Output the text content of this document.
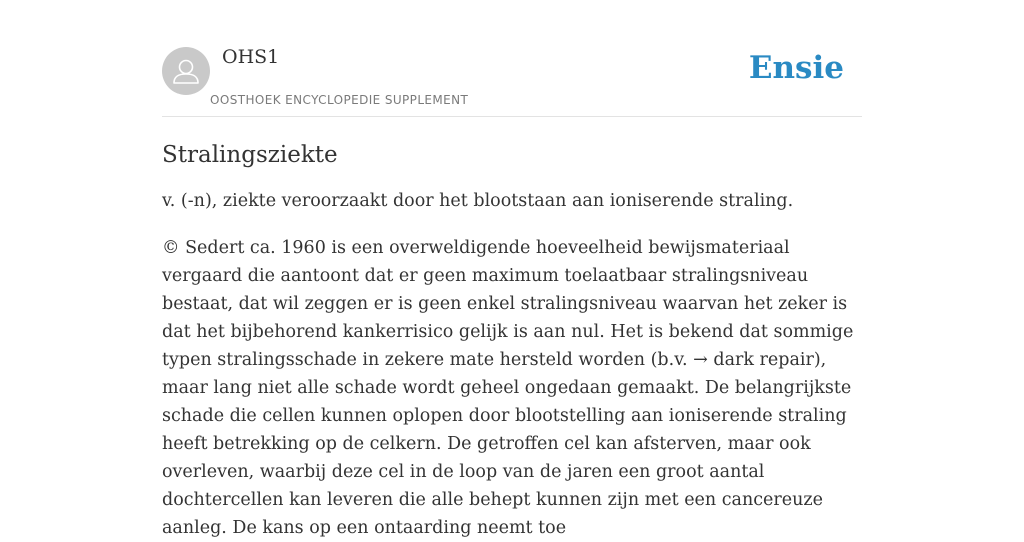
OHS1
OOSTHOEK ENCYCLOPEDIE SUPPLEMENT
Ensie
Stralingsziekte

v. (-n), ziekte veroorzaakt door het blootstaan aan ioniserende straling.

© Sedert ca. 1960 is een overweldigende hoeveelheid bewijsmateriaal vergaard die aantoont dat er geen maximum toelaatbaar stralingsniveau bestaat, dat wil zeggen er is geen enkel stralingsniveau waarvan het zeker is dat het bijbehorend kankerrisico gelijk is aan nul. Het is bekend dat sommige typen stralingsschade in zekere mate hersteld worden (b.v. → dark repair), maar lang niet alle schade wordt geheel ongedaan gemaakt. De belangrijkste schade die cellen kunnen oplopen door blootstelling aan ioniserende straling heeft betrekking op de celkern. De getroffen cel kan afsterven, maar ook overleven, waarbij deze cel in de loop van de jaren een groot aantal dochtercellen kan leveren die alle behept kunnen zijn met een cancereuze aanleg. De kans op een ontaarding neemt toe
